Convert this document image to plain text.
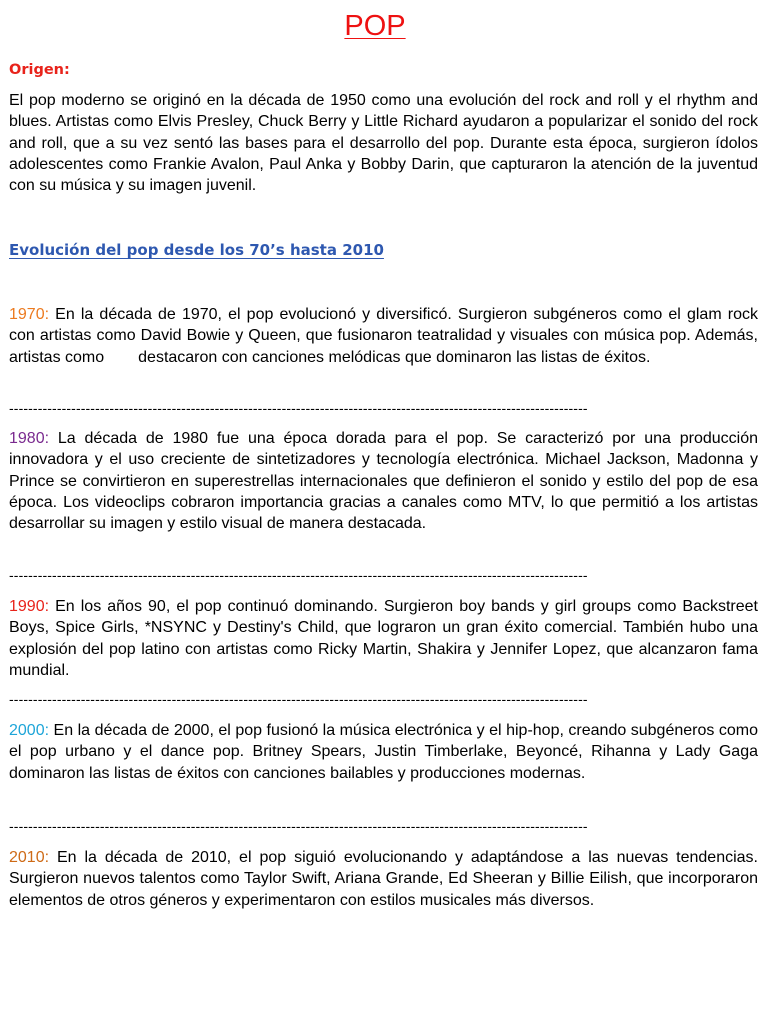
POP
Origen:
El pop moderno se originó en la década de 1950 como una evolución del rock and roll y el rhythm and blues. Artistas como Elvis Presley, Chuck Berry y Little Richard ayudaron a popularizar el sonido del rock and roll, que a su vez sentó las bases para el desarrollo del pop. Durante esta época, surgieron ídolos adolescentes como Frankie Avalon, Paul Anka y Bobby Darin, que capturaron la atención de la juventud con su música y su imagen juvenil.
Evolución del pop desde los 70’s hasta 2010
1970: En la década de 1970, el pop evolucionó y diversificó. Surgieron subgéneros como el glam rock con artistas como David Bowie y Queen, que fusionaron teatralidad y visuales con música pop. Además, artistas como destacaron con canciones melódicas que dominaron las listas de éxitos.
-------------------------------------------------------------------------------------------------------------------------
1980: La década de 1980 fue una época dorada para el pop. Se caracterizó por una producción innovadora y el uso creciente de sintetizadores y tecnología electrónica. Michael Jackson, Madonna y Prince se convirtieron en superestrellas internacionales que definieron el sonido y estilo del pop de esa época. Los videoclips cobraron importancia gracias a canales como MTV, lo que permitió a los artistas desarrollar su imagen y estilo visual de manera destacada.
-------------------------------------------------------------------------------------------------------------------------
1990: En los años 90, el pop continuó dominando. Surgieron boy bands y girl groups como Backstreet Boys, Spice Girls, *NSYNC y Destiny's Child, que lograron un gran éxito comercial. También hubo una explosión del pop latino con artistas como Ricky Martin, Shakira y Jennifer Lopez, que alcanzaron fama mundial.
-------------------------------------------------------------------------------------------------------------------------
2000: En la década de 2000, el pop fusionó la música electrónica y el hip-hop, creando subgéneros como el pop urbano y el dance pop. Britney Spears, Justin Timberlake, Beyoncé, Rihanna y Lady Gaga dominaron las listas de éxitos con canciones bailables y producciones modernas.
-------------------------------------------------------------------------------------------------------------------------
2010: En la década de 2010, el pop siguió evolucionando y adaptándose a las nuevas tendencias. Surgieron nuevos talentos como Taylor Swift, Ariana Grande, Ed Sheeran y Billie Eilish, que incorporaron elementos de otros géneros y experimentaron con estilos musicales más diversos.
